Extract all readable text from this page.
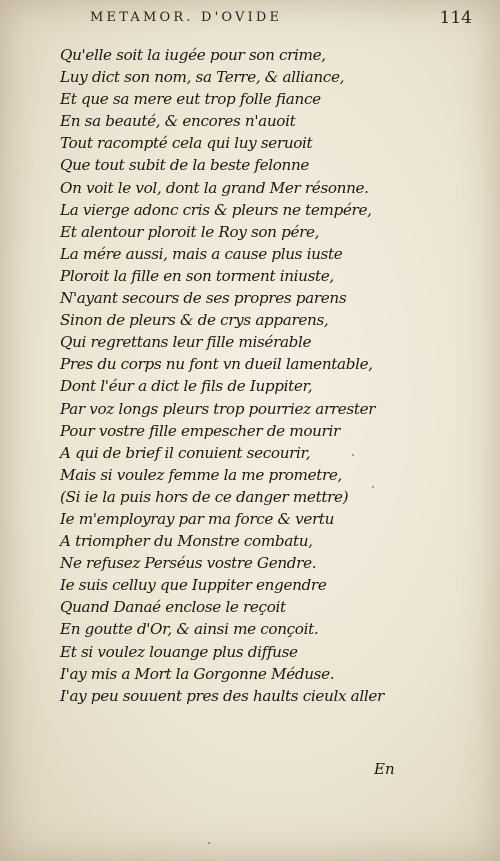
METAMOR. D'OVIDE	114
Qu'elle soit la iugée pour son crime,
Luy dict son nom, sa Terre, & alliance,
Et que sa mere eut trop folle fiance
En sa beauté, & encores n'auoit
Tout racompté cela qui luy seruoit
Que tout subit de la beste felonne
On voit le vol, dont la grand Mer résonne.
La vierge adonc cris & pleurs ne tempére,
Et alentour ploroit le Roy son pére,
La mére aussi, mais a cause plus iuste
Ploroit la fille en son torment iniuste,
N'ayant secours de ses propres parens
Sinon de pleurs & de crys apparens,
Qui regrettans leur fille misérable
Pres du corps nu font vn dueil lamentable,
Dont l'éur a dict le fils de Iuppiter,
Par voz longs pleurs trop pourriez arrester
Pour vostre fille empescher de mourir
A qui de brief il conuient secourir,
Mais si voulez femme la me prometre,
(Si ie la puis hors de ce danger mettre)
Ie m'employray par ma force & vertu
A triompher du Monstre combatu,
Ne refusez Perséus vostre Gendre.
Ie suis celluy que Iuppiter engendre
Quand Danaé enclose le reçoit
En goutte d'Or, & ainsi me conçoit.
Et si voulez louange plus diffuse
I'ay mis a Mort la Gorgonne Méduse.
I'ay peu souuent pres des haults cieulx aller
En
